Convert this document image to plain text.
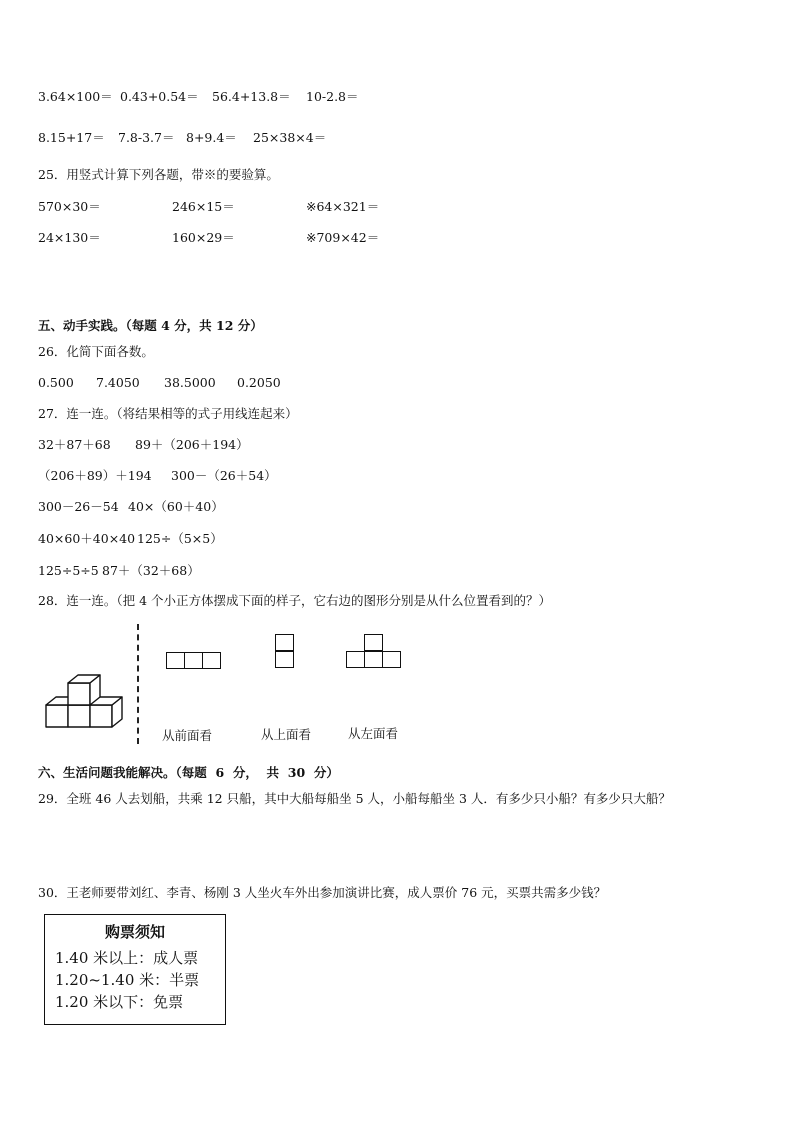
3.64×100＝ 0.43+0.54＝ 56.4+13.8＝ 10-2.8＝
8.15+17＝ 7.8-3.7＝ 8+9.4＝ 25×38×4＝
25．用竖式计算下列各题，带※的要验算。
570×30＝	246×15＝	※64×321＝
24×130＝	160×29＝	※709×42＝
五、动手实践。（每题 4 分，共 12 分）
26．化简下面各数。
0.500 7.4050 38.5000 0.2050
27．连一连。（将结果相等的式子用线连起来）
32＋87＋68 89＋（206＋194）
（206＋89）＋194 300－（26＋54）
300－26－54 40×（60＋40）
40×60＋40×40 125÷（5×5）
125÷5÷5 87＋（32＋68）
28．连一连。（把 4 个小正方体摆成下面的样子，它右边的图形分别是从什么位置看到的？）
从前面看	从上面看	从左面看
六、生活问题我能解决。（每题  6  分，  共  30  分）
29．全班 46 人去划船，共乘 12 只船，其中大船每船坐 5 人，小船每船坐 3 人．有多少只小船？有多少只大船？
30．王老师要带刘红、李青、杨刚 3 人坐火车外出参加演讲比赛，成人票价 76 元，买票共需多少钱？
购票须知
1.40 米以上：成人票
1.20~1.40 米：半票
1.20 米以下：免票
